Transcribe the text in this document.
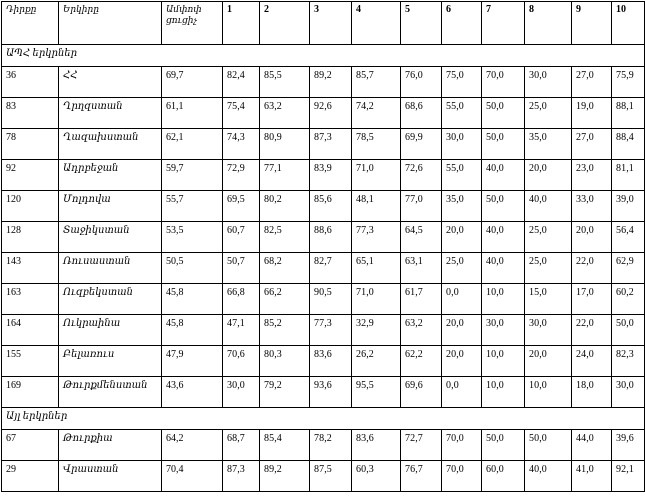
Դիրքը	Երկիրը	Ամփոփ ցուցիչ	1	2	3	4	5	6	7	8	9	10
ԱՊՀ երկրներ												
36	ՀՀ	69,7	82,4	85,5	89,2	85,7	76,0	75,0	70,0	30,0	27,0	75,9
83	Ղրղզստան	61,1	75,4	63,2	92,6	74,2	68,6	55,0	50,0	25,0	19,0	88,1
78	Ղազախստան	62,1	74,3	80,9	87,3	78,5	69,9	30,0	50,0	35,0	27,0	88,4
92	Ադրբեջան	59,7	72,9	77,1	83,9	71,0	72,6	55,0	40,0	20,0	23,0	81,1
120	Մոլդովա	55,7	69,5	80,2	85,6	48,1	77,0	35,0	50,0	40,0	33,0	39,0
128	Տաջիկստան	53,5	60,7	82,5	88,6	77,3	64,5	20,0	40,0	25,0	20,0	56,4
143	Ռուսաստան	50,5	50,7	68,2	82,7	65,1	63,1	25,0	40,0	25,0	22,0	62,9
163	Ուզբեկստան	45,8	66,8	66,2	90,5	71,0	61,7	0,0	10,0	15,0	17,0	60,2
164	Ուկրաինա	45,8	47,1	85,2	77,3	32,9	63,2	20,0	30,0	30,0	22,0	50,0
155	Բելառուս	47,9	70,6	80,3	83,6	26,2	62,2	20,0	10,0	20,0	24,0	82,3
169	Թուրքմենստան	43,6	30,0	79,2	93,6	95,5	69,6	0,0	10,0	10,0	18,0	30,0
Այլ երկրներ												
67	Թուրքիա	64,2	68,7	85,4	78,2	83,6	72,7	70,0	50,0	50,0	44,0	39,6
29	Վրաստան	70,4	87,3	89,2	87,5	60,3	76,7	70,0	60,0	40,0	41,0	92,1
